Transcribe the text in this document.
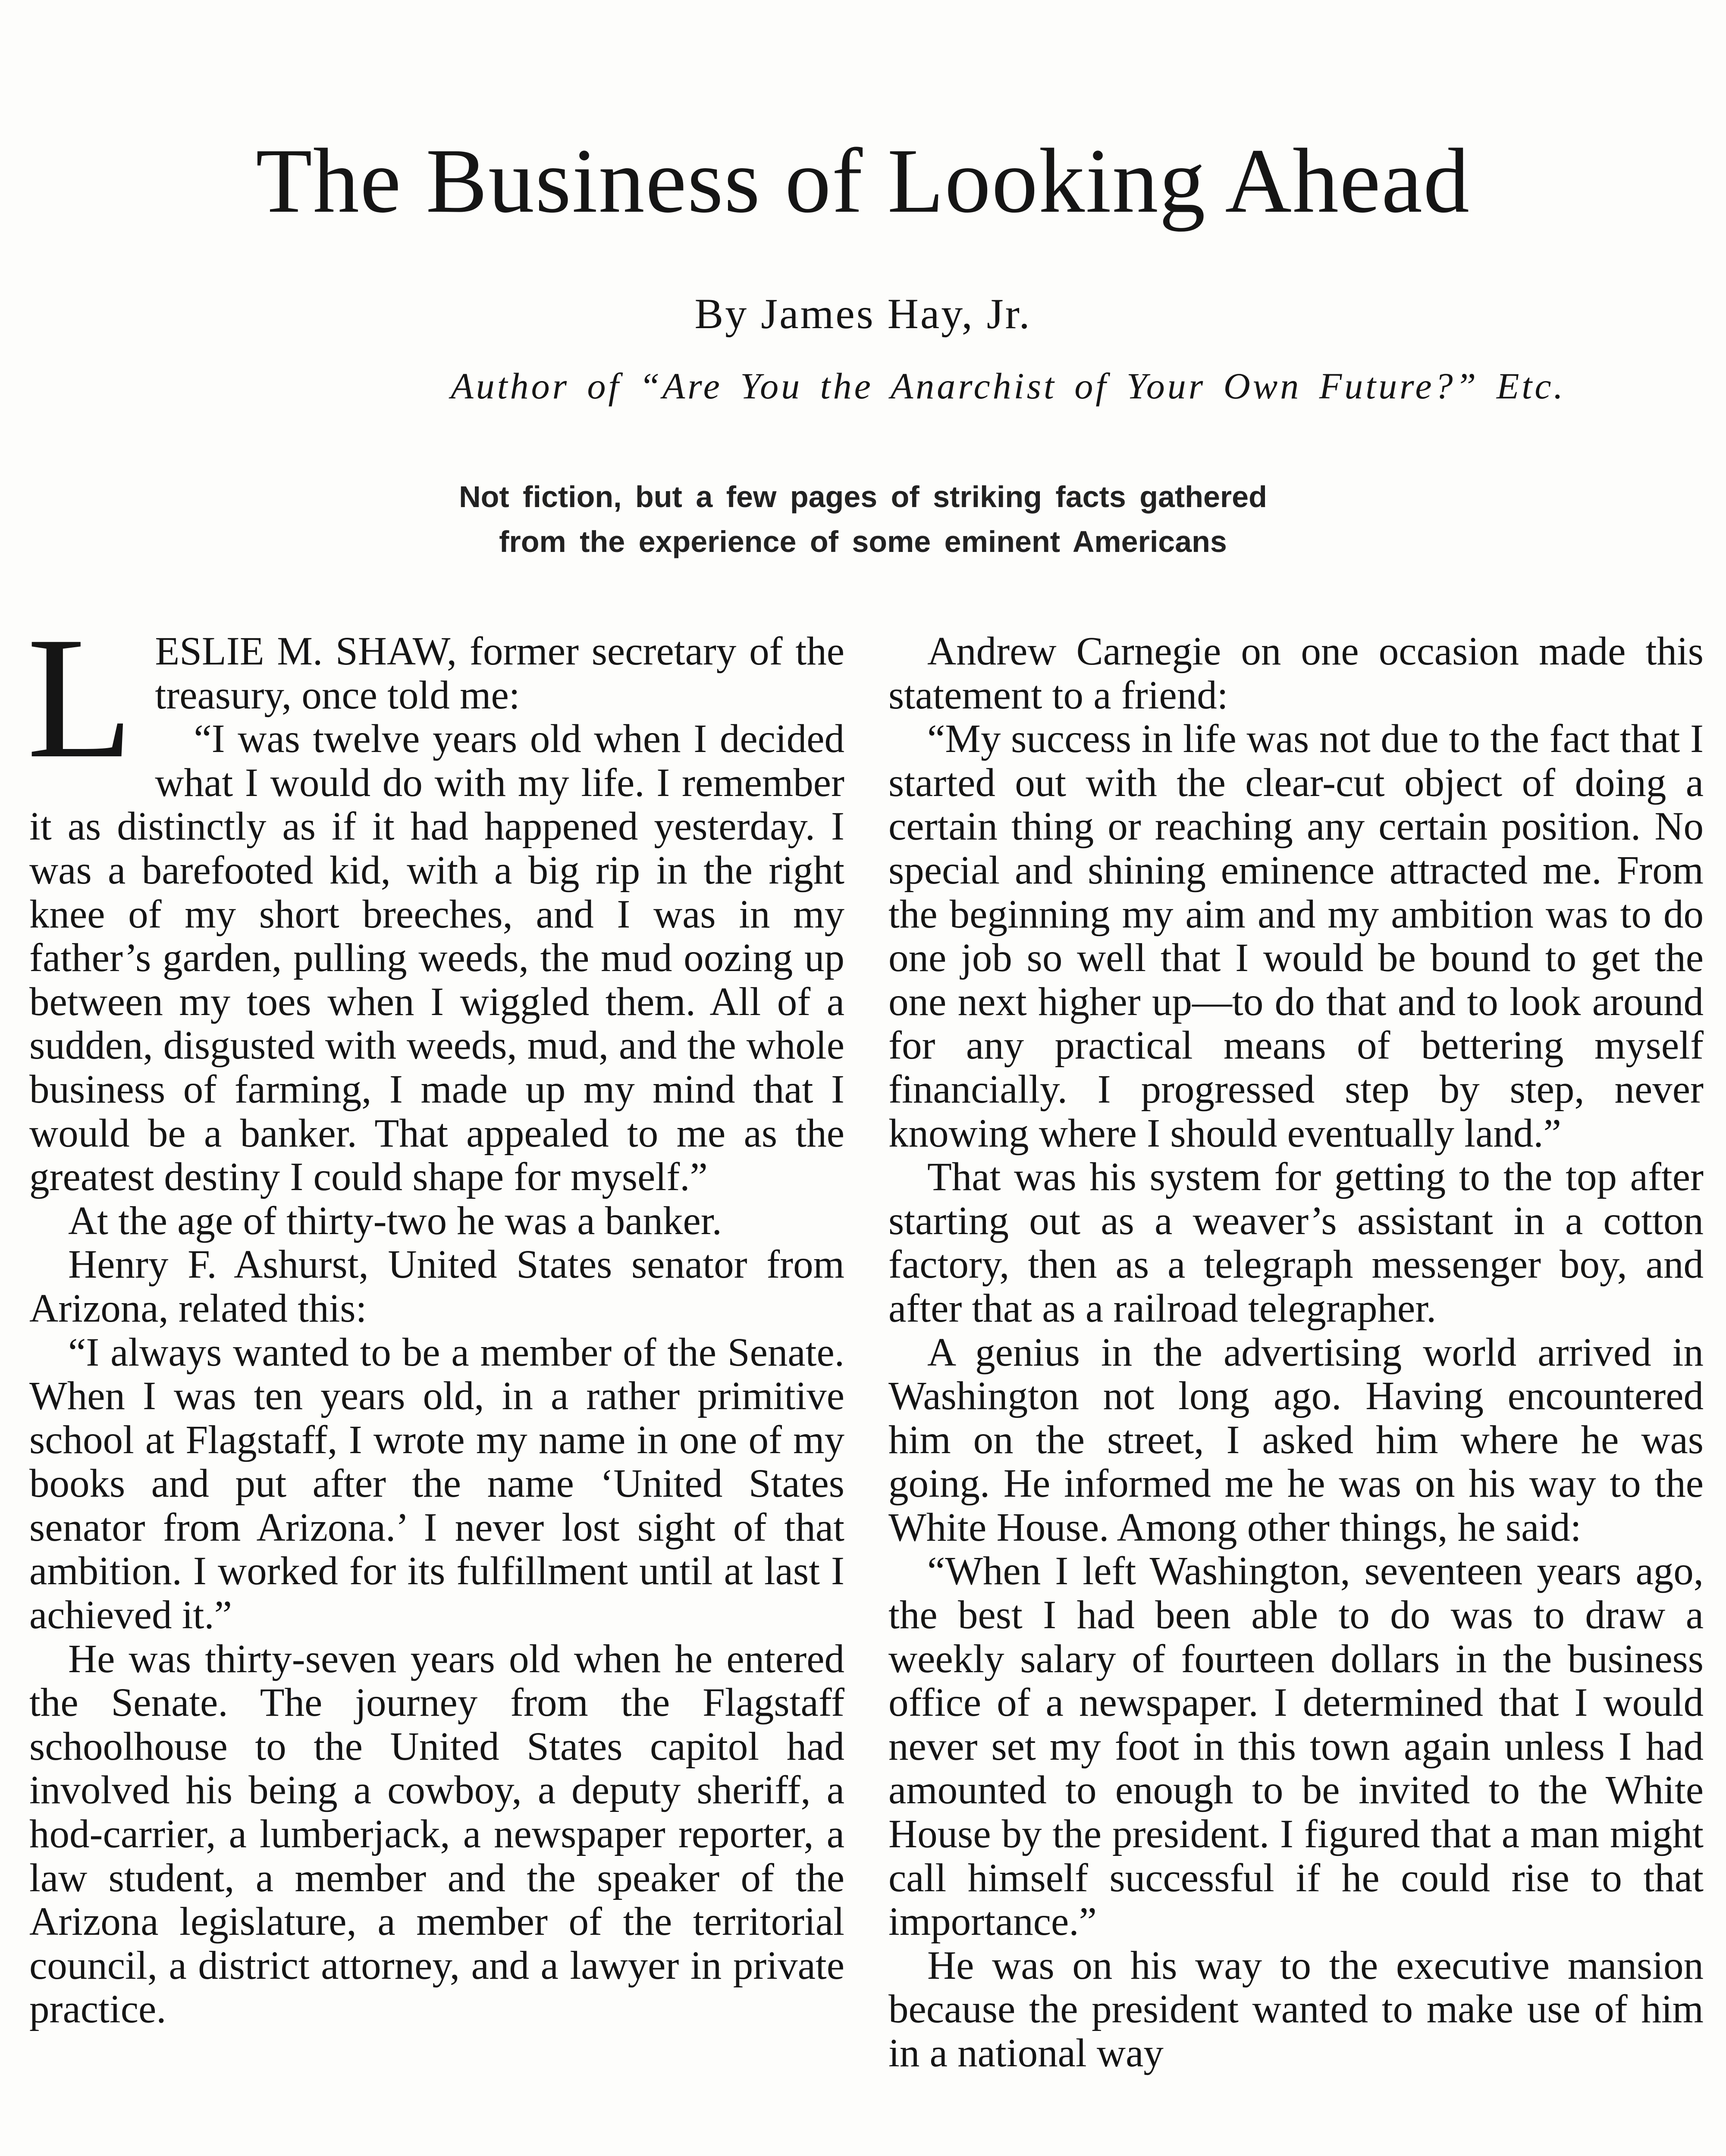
The Business of Looking Ahead
By James Hay, Jr.
Author of “Are You the Anarchist of Your Own Future?” Etc.
Not fiction, but a few pages of striking facts gathered
from the experience of some eminent Americans

LESLIE M. SHAW, former secretary of the treasury, once told me:

“I was twelve years old when I decided what I would do with my life. I remember it as distinctly as if it had happened yesterday. I was a barefooted kid, with a big rip in the right knee of my short breeches, and I was in my father’s garden, pulling weeds, the mud oozing up between my toes when I wiggled them. All of a sudden, disgusted with weeds, mud, and the whole business of farming, I made up my mind that I would be a banker. That appealed to me as the greatest destiny I could shape for myself.”

At the age of thirty-two he was a banker.

Henry F. Ashurst, United States senator from Arizona, related this:

“I always wanted to be a member of the Senate. When I was ten years old, in a rather primitive school at Flagstaff, I wrote my name in one of my books and put after the name ‘United States senator from Arizona.’ I never lost sight of that ambition. I worked for its fulfillment until at last I achieved it.”

He was thirty-seven years old when he entered the Senate. The journey from the Flagstaff schoolhouse to the United States capitol had involved his being a cowboy, a deputy sheriff, a hod-carrier, a lumberjack, a newspaper reporter, a law student, a member and the speaker of the Arizona legislature, a member of the territorial council, a district attorney, and a lawyer in private practice.

Andrew Carnegie on one occasion made this statement to a friend:

“My success in life was not due to the fact that I started out with the clear-cut object of doing a certain thing or reaching any certain position. No special and shining eminence attracted me. From the beginning my aim and my ambition was to do one job so well that I would be bound to get the one next higher up—to do that and to look around for any practical means of bettering myself financially. I progressed step by step, never knowing where I should eventually land.”

That was his system for getting to the top after starting out as a weaver’s assistant in a cotton factory, then as a telegraph messenger boy, and after that as a railroad telegrapher.

A genius in the advertising world arrived in Washington not long ago. Having encountered him on the street, I asked him where he was going. He informed me he was on his way to the White House. Among other things, he said:

“When I left Washington, seventeen years ago, the best I had been able to do was to draw a weekly salary of fourteen dollars in the business office of a newspaper. I determined that I would never set my foot in this town again unless I had amounted to enough to be invited to the White House by the president. I figured that a man might call himself successful if he could rise to that importance.”

He was on his way to the executive mansion because the president wanted to make use of him in a national way
